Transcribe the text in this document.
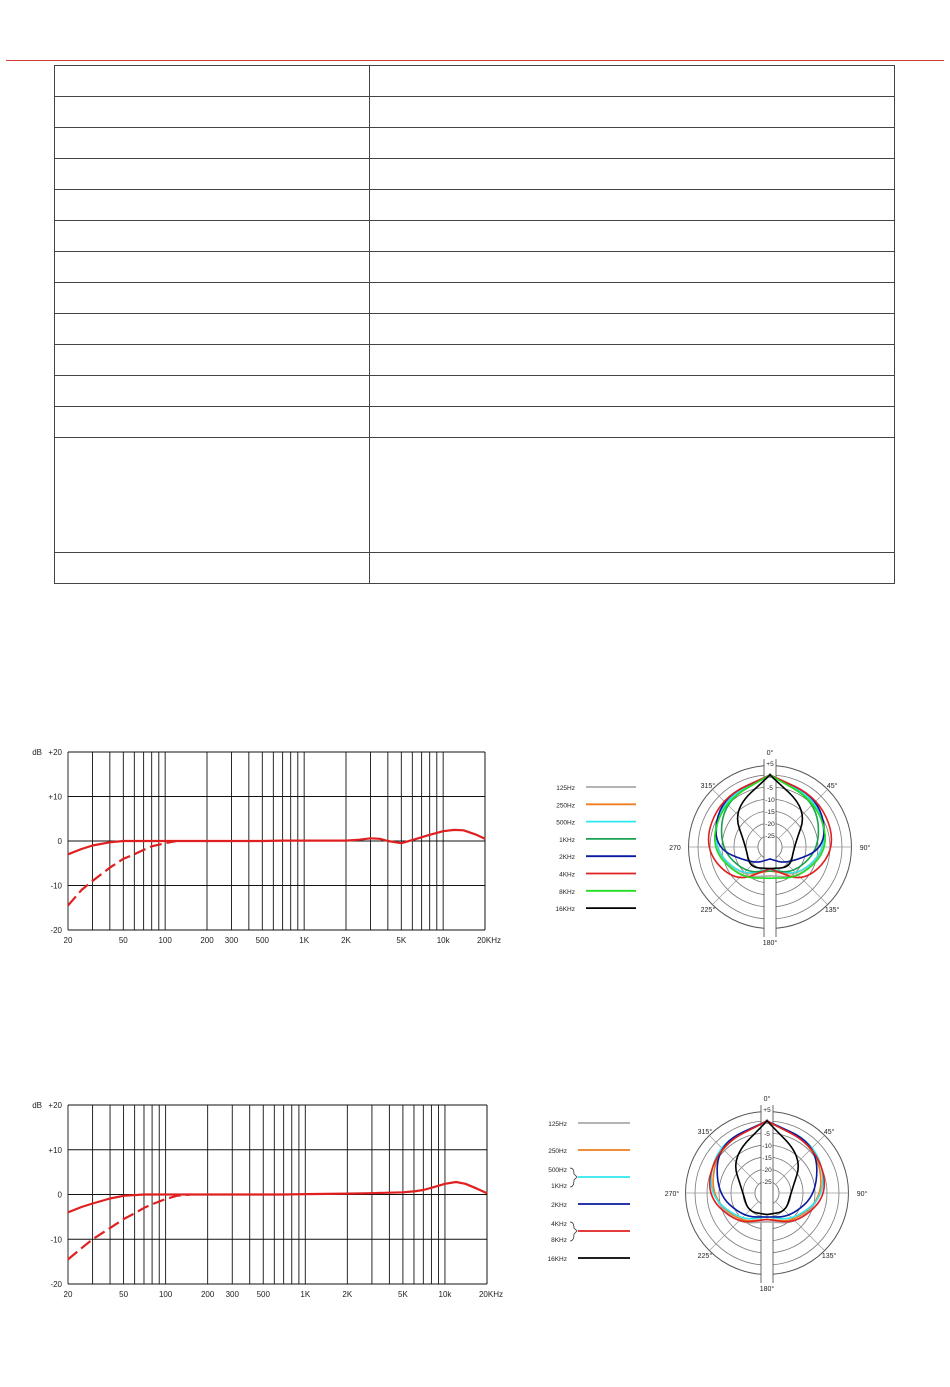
+20
+10
0
-10
-20
dB
20	50	100	200 300 500	1K	2K	5K	10k	20KHz
+5
0
-5
-10
-15
-20
-25
0°
45°
90°
135°
180°
225°
270
315°
125Hz
250Hz
500Hz
1KHz
2KHz
4KHz
8KHz
16KHz
+20
+10
0
-10
-20
dB
20	50	100	200 300 500	1K	2K	5K	10k	20KHz
+5
0
-5
-10
-15
-20
-25
0°
45°
90°
135°
180°
225°
270°
315°
125Hz
250Hz
500Hz
1KHz
2KHz
4KHz
8KHz
16KHz
